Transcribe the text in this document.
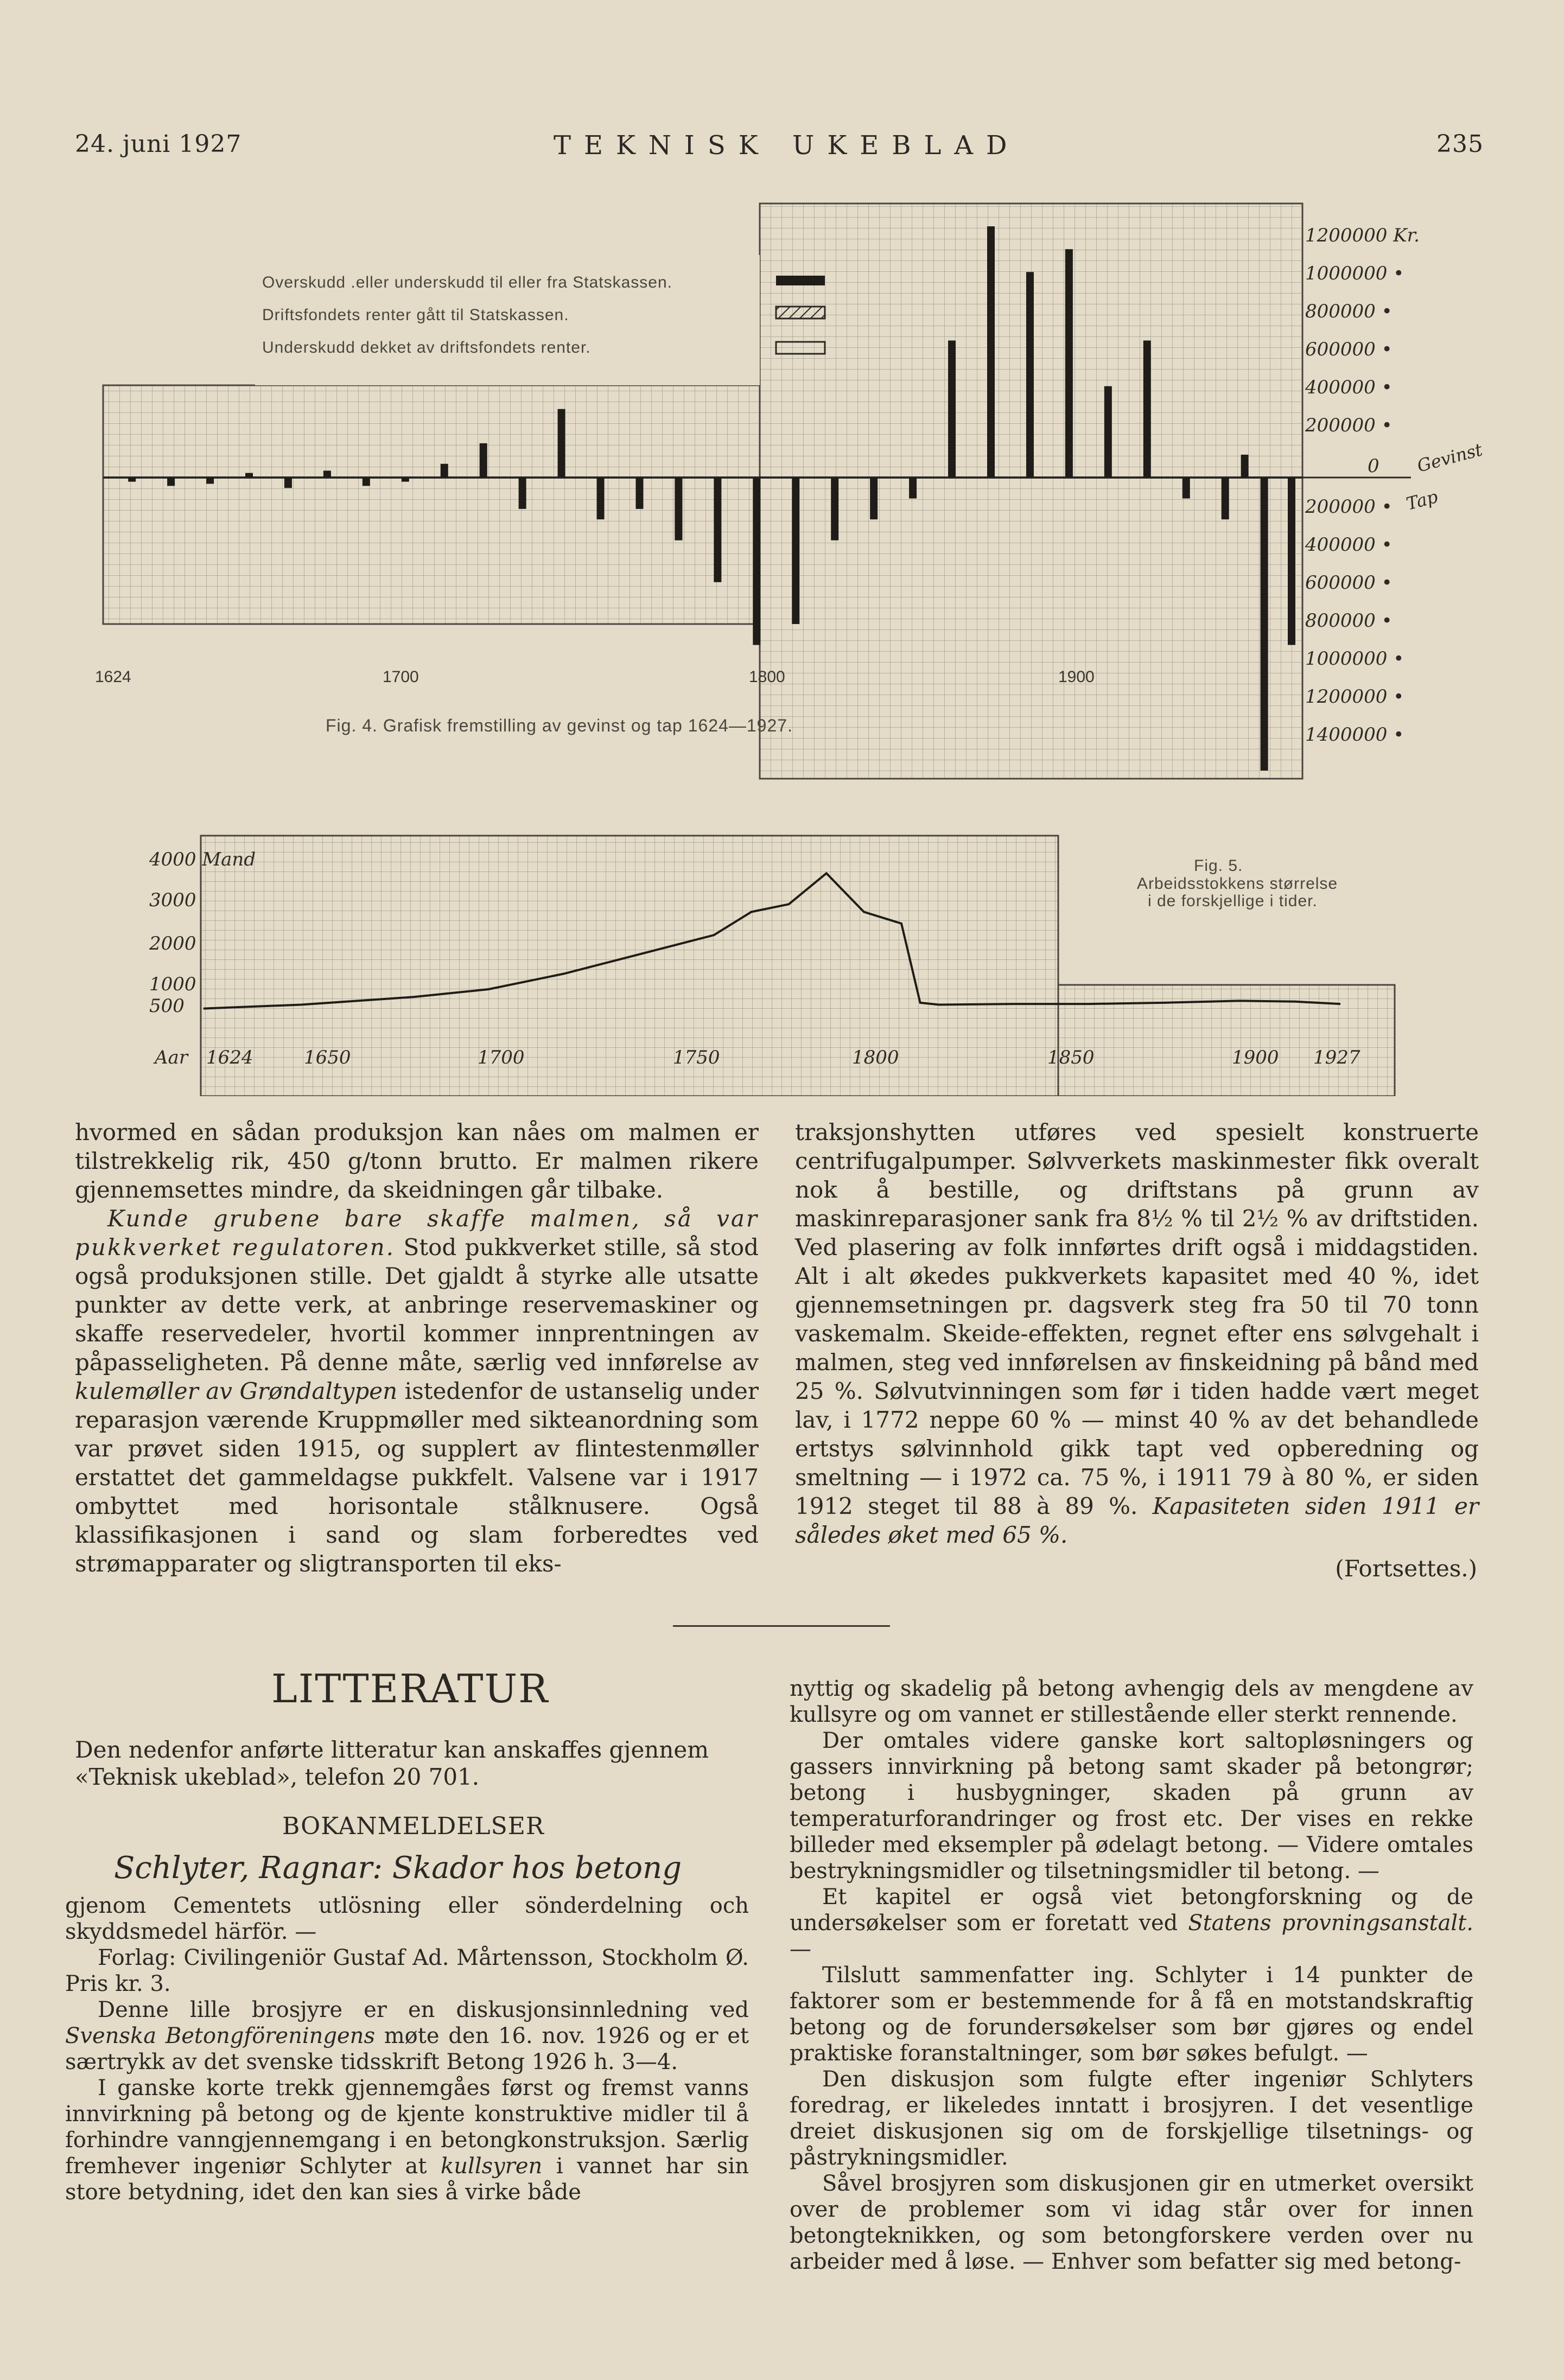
24. juni 1927	TEKNISK UKEBLAD	235
Overskudd .eller underskudd til eller fra Statskassen.
Driftsfondets renter gått til Statskassen.
Underskudd dekket av driftsfondets renter.
1200000 Kr.
1000000 •
800000 •
600000 •
400000 •
200000 •
0
200000 •
400000 •
600000 •
800000 •
1000000 •
1200000 •
1400000 •
Gevinst
Tap
1624	1700	1800	1900
Fig. 4. Grafisk fremstilling av gevinst og tap 1624—1927.
4000 Mand
3000
2000
1000
500
Aar 1624	1650	1700	1750	1800	1850	1900 1927
Fig. 5.
Arbeidsstokkens størrelse
i de forskjellige i tider.

hvormed en sådan produksjon kan nåes om malmen er tilstrekkelig rik, 450 g/tonn brutto. Er malmen rikere gjennemsettes mindre, da skeidningen går tilbake.

Kunde grubene bare skaffe malmen, så var pukkverket regulatoren. Stod pukkverket stille, så stod også produksjonen stille. Det gjaldt å styrke alle utsatte punkter av dette verk, at anbringe reservemaskiner og skaffe reservedeler, hvortil kommer innprentningen av påpasseligheten. På denne måte, særlig ved innførelse av kulemøller av Grøndaltypen istedenfor de ustanselig under reparasjon værende Kruppmøller med sikteanordning som var prøvet siden 1915, og supplert av flintestenmøller erstattet det gammeldagse pukkfelt. Valsene var i 1917 ombyttet med horisontale stålknusere. Også klassifikasjonen i sand og slam forberedtes ved strømapparater og sligtransporten til eks-

traksjonshytten utføres ved spesielt konstruerte centrifugalpumper. Sølvverkets maskinmester fikk overalt nok å bestille, og driftstans på grunn av maskinreparasjoner sank fra 8½ % til 2½ % av driftstiden. Ved plasering av folk innførtes drift også i middagstiden. Alt i alt økedes pukkverkets kapasitet med 40 %, idet gjennemsetningen pr. dagsverk steg fra 50 til 70 tonn vaskemalm. Skeide-effekten, regnet efter ens sølvgehalt i malmen, steg ved innførelsen av finskeidning på bånd med 25 %. Sølvutvinningen som før i tiden hadde vært meget lav, i 1772 neppe 60 % — minst 40 % av det behandlede ertstys sølvinnhold gikk tapt ved opberedning og smeltning — i 1972 ca. 75 %, i 1911 79 à 80 %, er siden 1912 steget til 88 à 89 %. Kapasiteten siden 1911 er således øket med 65 %.

(Fortsettes.)
LITTERATUR
Den nedenfor anførte litteratur kan anskaffes gjennem «Teknisk ukeblad», telefon 20 701.
BOKANMELDELSER
Schlyter, Ragnar: Skador hos betong

gjenom Cementets utlösning eller sönderdelning och skyddsmedel härför. —

Forlag: Civilingeniör Gustaf Ad. Mårtensson, Stockholm Ø. Pris kr. 3.

Denne lille brosjyre er en diskusjonsinnledning ved Svenska Betongföreningens møte den 16. nov. 1926 og er et særtrykk av det svenske tidsskrift Betong 1926 h. 3—4.

I ganske korte trekk gjennemgåes først og fremst vanns innvirkning på betong og de kjente konstruktive midler til å forhindre vanngjennemgang i en betongkonstruksjon. Særlig fremhever ingeniør Schlyter at kullsyren i vannet har sin store betydning, idet den kan sies å virke både

nyttig og skadelig på betong avhengig dels av mengdene av kullsyre og om vannet er stillestående eller sterkt rennende.

Der omtales videre ganske kort saltopløsningers og gassers innvirkning på betong samt skader på betongrør; betong i husbygninger, skaden på grunn av temperaturforandringer og frost etc. Der vises en rekke billeder med eksempler på ødelagt betong. — Videre omtales bestrykningsmidler og tilsetningsmidler til betong. —

Et kapitel er også viet betongforskning og de undersøkelser som er foretatt ved Statens provningsanstalt. —

Tilslutt sammenfatter ing. Schlyter i 14 punkter de faktorer som er bestemmende for å få en motstandskraftig betong og de forundersøkelser som bør gjøres og endel praktiske foranstaltninger, som bør søkes befulgt. —

Den diskusjon som fulgte efter ingeniør Schlyters foredrag, er likeledes inntatt i brosjyren. I det vesentlige dreiet diskusjonen sig om de forskjellige tilsetnings- og påstrykningsmidler.

Såvel brosjyren som diskusjonen gir en utmerket oversikt over de problemer som vi idag står over for innen betongteknikken, og som betongforskere verden over nu arbeider med å løse. — Enhver som befatter sig med betong-
